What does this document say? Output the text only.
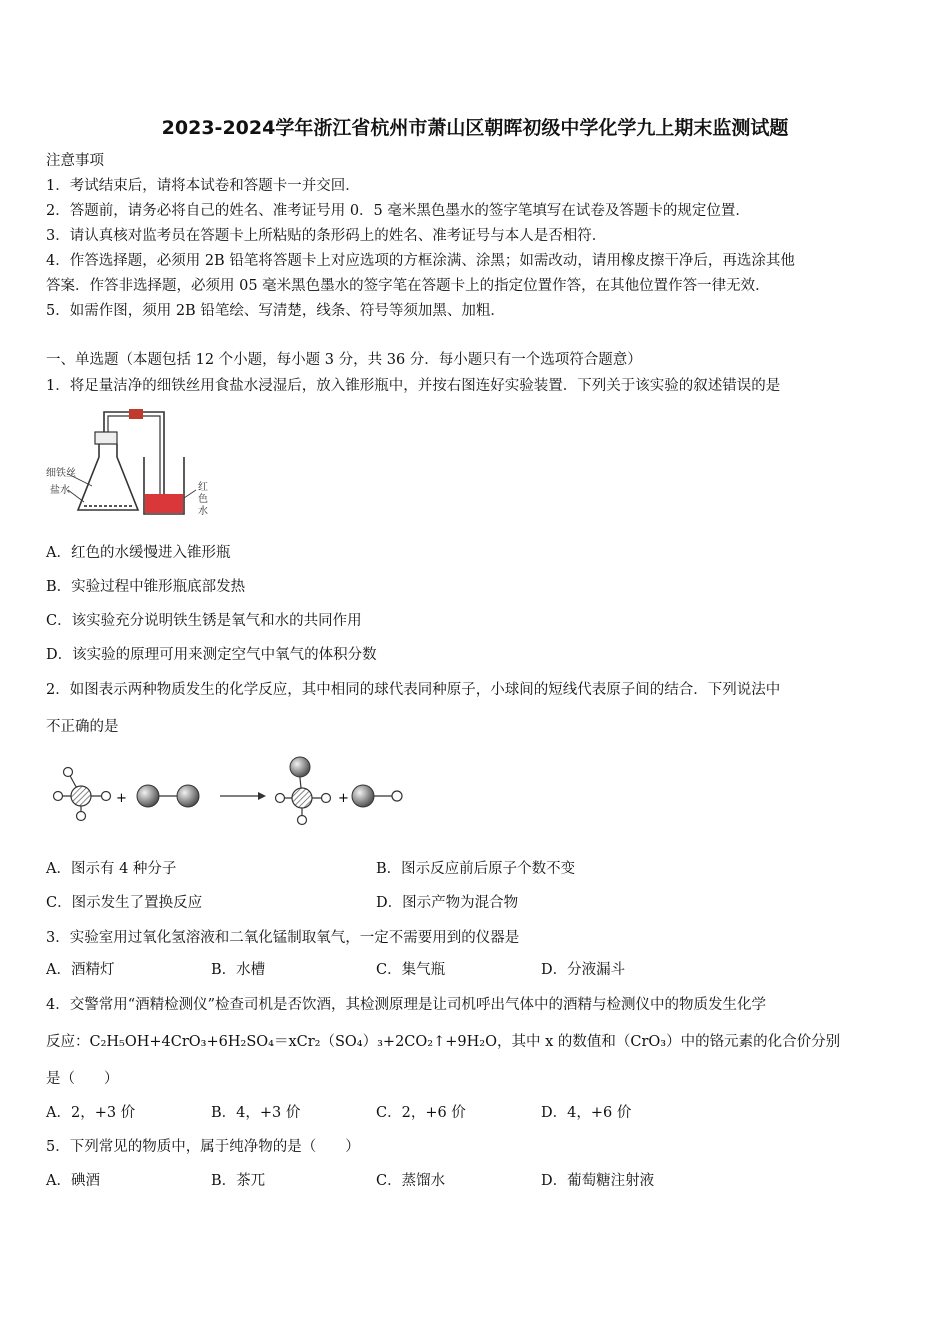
2023-2024学年浙江省杭州市萧山区朝晖初级中学化学九上期末监测试题
注意事项
1．考试结束后，请将本试卷和答题卡一并交回．
2．答题前，请务必将自己的姓名、准考证号用 0．5 毫米黑色墨水的签字笔填写在试卷及答题卡的规定位置．
3．请认真核对监考员在答题卡上所粘贴的条形码上的姓名、准考证号与本人是否相符．
4．作答选择题，必须用 2B 铅笔将答题卡上对应选项的方框涂满、涂黑；如需改动，请用橡皮擦干净后，再选涂其他
答案．作答非选择题，必须用 05 毫米黑色墨水的签字笔在答题卡上的指定位置作答，在其他位置作答一律无效．
5．如需作图，须用 2B 铅笔绘、写清楚，线条、符号等须加黑、加粗．
一、单选题（本题包括 12 个小题，每小题 3 分，共 36 分．每小题只有一个选项符合题意）
1．将足量洁净的细铁丝用食盐水浸湿后，放入锥形瓶中，并按右图连好实验装置．下列关于该实验的叙述错误的是
细铁丝
盐水	红
色
水
A．红色的水缓慢进入锥形瓶
B．实验过程中锥形瓶底部发热
C．该实验充分说明铁生锈是氧气和水的共同作用
D．该实验的原理可用来测定空气中氧气的体积分数
2．如图表示两种物质发生的化学反应，其中相同的球代表同种原子，小球间的短线代表原子间的结合．下列说法中
不正确的是
+	+
A．图示有 4 种分子	B．图示反应前后原子个数不变
C．图示发生了置换反应	D．图示产物为混合物
3．实验室用过氧化氢溶液和二氧化锰制取氧气，一定不需要用到的仪器是
A．酒精灯	B．水槽	C．集气瓶	D．分液漏斗
4．交警常用“酒精检测仪”检查司机是否饮酒，其检测原理是让司机呼出气体中的酒精与检测仪中的物质发生化学
反应：C₂H₅OH+4CrO₃+6H₂SO₄＝xCr₂（SO₄）₃+2CO₂↑+9H₂O，其中 x 的数值和（CrO₃）中的铬元素的化合价分别
是（　　）
A．2，+3 价	B．4，+3 价	C．2，+6 价	D．4，+6 价
5．下列常见的物质中，属于纯净物的是（　　）
A．碘酒	B．茶兀	C．蒸馏水	D．葡萄糖注射液
